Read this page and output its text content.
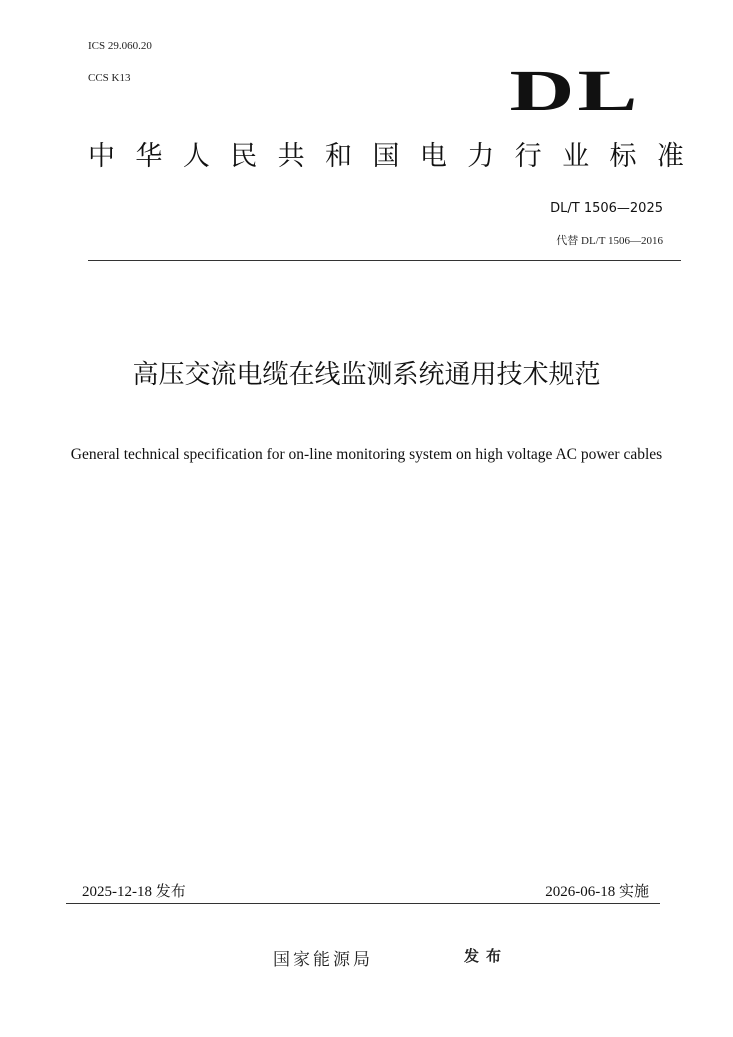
ICS 29.060.20
CCS K13	DL
中 华 人 民 共 和 国 电 力 行 业 标 准
DL/T 1506—2025
代替 DL/T 1506—2016
高压交流电缆在线监测系统通用技术规范
General technical specification for on-line monitoring system on high voltage AC power cables
2025-12-18 发布	2026-06-18 实施
国家能源局	发布
